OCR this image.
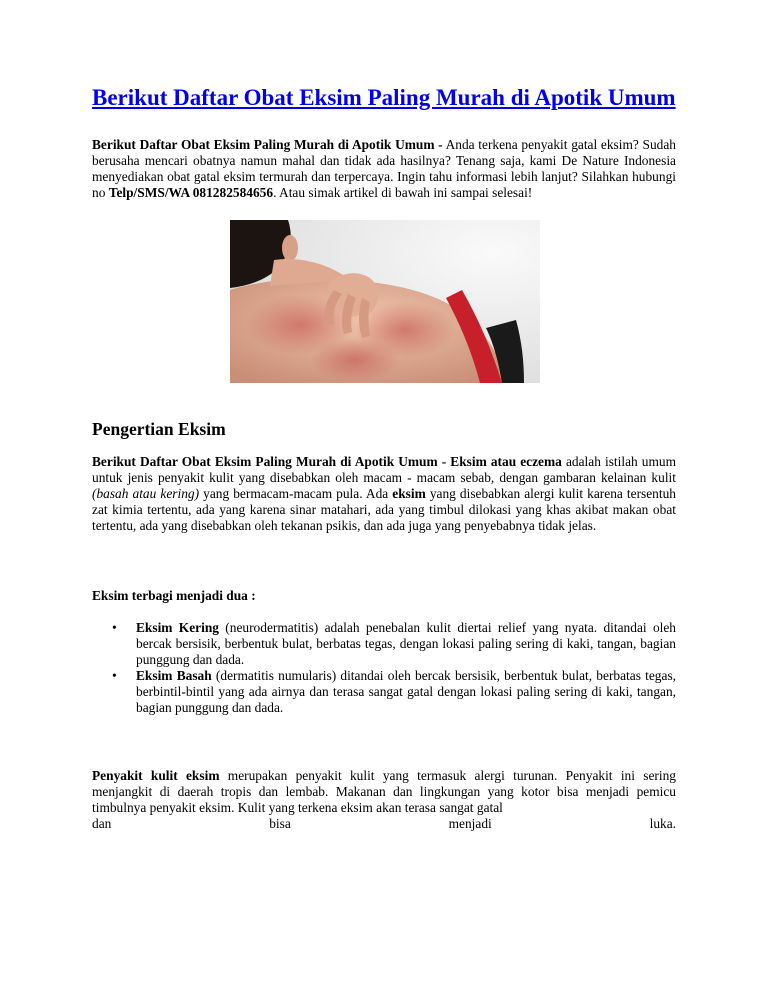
Berikut Daftar Obat Eksim Paling Murah di Apotik Umum

Berikut Daftar Obat Eksim Paling Murah di Apotik Umum - Anda terkena penyakit gatal eksim? Sudah berusaha mencari obatnya namun mahal dan tidak ada hasilnya? Tenang saja, kami De Nature Indonesia menyediakan obat gatal eksim termurah dan terpercaya. Ingin tahu informasi lebih lanjut? Silahkan hubungi no Telp/SMS/WA 081282584656. Atau simak artikel di bawah ini sampai selesai!

Pengertian Eksim

Berikut Daftar Obat Eksim Paling Murah di Apotik Umum - Eksim atau eczema adalah istilah umum untuk jenis penyakit kulit yang disebabkan oleh macam - macam sebab, dengan gambaran kelainan kulit (basah atau kering) yang bermacam-macam pula. Ada eksim yang disebabkan alergi kulit karena tersentuh zat kimia tertentu, ada yang karena sinar matahari, ada yang timbul dilokasi yang khas akibat makan obat tertentu, ada yang disebabkan oleh tekanan psikis, dan ada juga yang penyebabnya tidak jelas.

Eksim terbagi menjadi dua :

• Eksim Kering (neurodermatitis) adalah penebalan kulit diertai relief yang nyata. ditandai oleh bercak bersisik, berbentuk bulat, berbatas tegas, dengan lokasi paling sering di kaki, tangan, bagian punggung dan dada.
• Eksim Basah (dermatitis numularis) ditandai oleh bercak bersisik, berbentuk bulat, berbatas tegas, berbintil-bintil yang ada airnya dan terasa sangat gatal dengan lokasi paling sering di kaki, tangan, bagian punggung dan dada.

Penyakit kulit eksim merupakan penyakit kulit yang termasuk alergi turunan. Penyakit ini sering menjangkit di daerah tropis dan lembab. Makanan dan lingkungan yang kotor bisa menjadi pemicu timbulnya penyakit eksim. Kulit yang terkena eksim akan terasa sangat gatal

dan	bisa	menjadi	luka.
